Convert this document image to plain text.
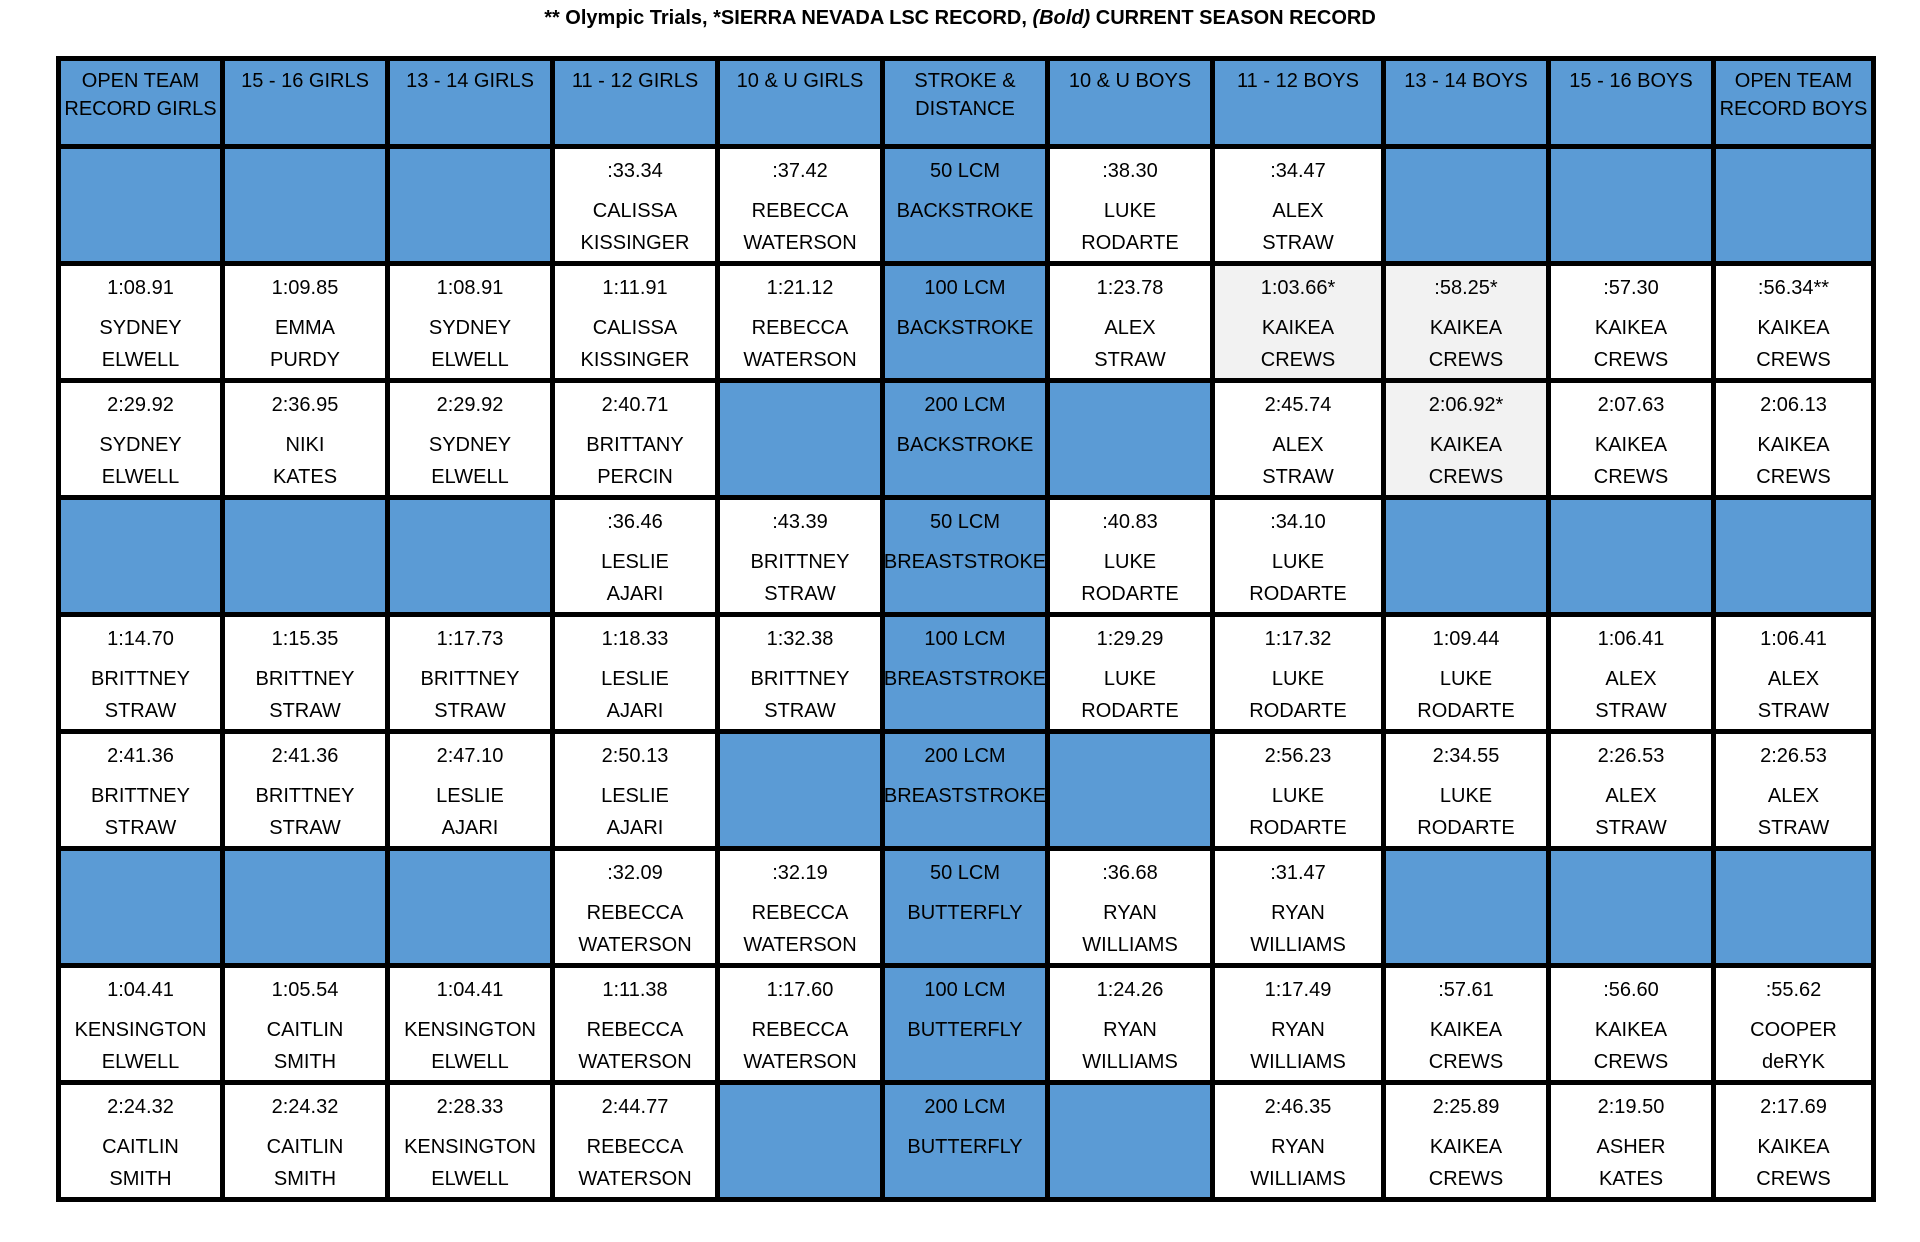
** Olympic Trials, *SIERRA NEVADA LSC RECORD, (Bold) CURRENT SEASON RECORD
OPEN TEAM RECORD GIRLS	15 - 16 GIRLS	13 - 14 GIRLS	11 - 12 GIRLS	10 & U GIRLS	STROKE & DISTANCE	10 & U BOYS	11 - 12 BOYS	13 - 14 BOYS	15 - 16 BOYS	OPEN TEAM RECORD BOYS

			:33.34
CALISSA
KISSINGER	:37.42
REBECCA
WATERSON	50 LCM
BACKSTROKE	:38.30
LUKE
RODARTE	:34.47
ALEX
STRAW			

1:08.91
SYDNEY
ELWELL	1:09.85
EMMA
PURDY	1:08.91
SYDNEY
ELWELL	1:11.91
CALISSA
KISSINGER	1:21.12
REBECCA
WATERSON	100 LCM
BACKSTROKE	1:23.78
ALEX
STRAW	1:03.66*
KAIKEA
CREWS	:58.25*
KAIKEA
CREWS	:57.30
KAIKEA
CREWS	:56.34**
KAIKEA
CREWS

2:29.92
SYDNEY
ELWELL	2:36.95
NIKI
KATES	2:29.92
SYDNEY
ELWELL	2:40.71
BRITTANY
PERCIN		200 LCM
BACKSTROKE		2:45.74
ALEX
STRAW	2:06.92*
KAIKEA
CREWS	2:07.63
KAIKEA
CREWS	2:06.13
KAIKEA
CREWS

			:36.46
LESLIE
AJARI	:43.39
BRITTNEY
STRAW	50 LCM
BREASTSTROKE	:40.83
LUKE
RODARTE	:34.10
LUKE
RODARTE			

1:14.70
BRITTNEY
STRAW	1:15.35
BRITTNEY
STRAW	1:17.73
BRITTNEY
STRAW	1:18.33
LESLIE
AJARI	1:32.38
BRITTNEY
STRAW	100 LCM
BREASTSTROKE	1:29.29
LUKE
RODARTE	1:17.32
LUKE
RODARTE	1:09.44
LUKE
RODARTE	1:06.41
ALEX
STRAW	1:06.41
ALEX
STRAW

2:41.36
BRITTNEY
STRAW	2:41.36
BRITTNEY
STRAW	2:47.10
LESLIE
AJARI	2:50.13
LESLIE
AJARI		200 LCM
BREASTSTROKE		2:56.23
LUKE
RODARTE	2:34.55
LUKE
RODARTE	2:26.53
ALEX
STRAW	2:26.53
ALEX
STRAW

			:32.09
REBECCA
WATERSON	:32.19
REBECCA
WATERSON	50 LCM
BUTTERFLY	:36.68
RYAN
WILLIAMS	:31.47
RYAN
WILLIAMS			

1:04.41
KENSINGTON
ELWELL	1:05.54
CAITLIN
SMITH	1:04.41
KENSINGTON
ELWELL	1:11.38
REBECCA
WATERSON	1:17.60
REBECCA
WATERSON	100 LCM
BUTTERFLY	1:24.26
RYAN
WILLIAMS	1:17.49
RYAN
WILLIAMS	:57.61
KAIKEA
CREWS	:56.60
KAIKEA
CREWS	:55.62
COOPER
deRYK

2:24.32
CAITLIN
SMITH	2:24.32
CAITLIN
SMITH	2:28.33
KENSINGTON
ELWELL	2:44.77
REBECCA
WATERSON		200 LCM
BUTTERFLY		2:46.35
RYAN
WILLIAMS	2:25.89
KAIKEA
CREWS	2:19.50
ASHER
KATES	2:17.69
KAIKEA
CREWS
